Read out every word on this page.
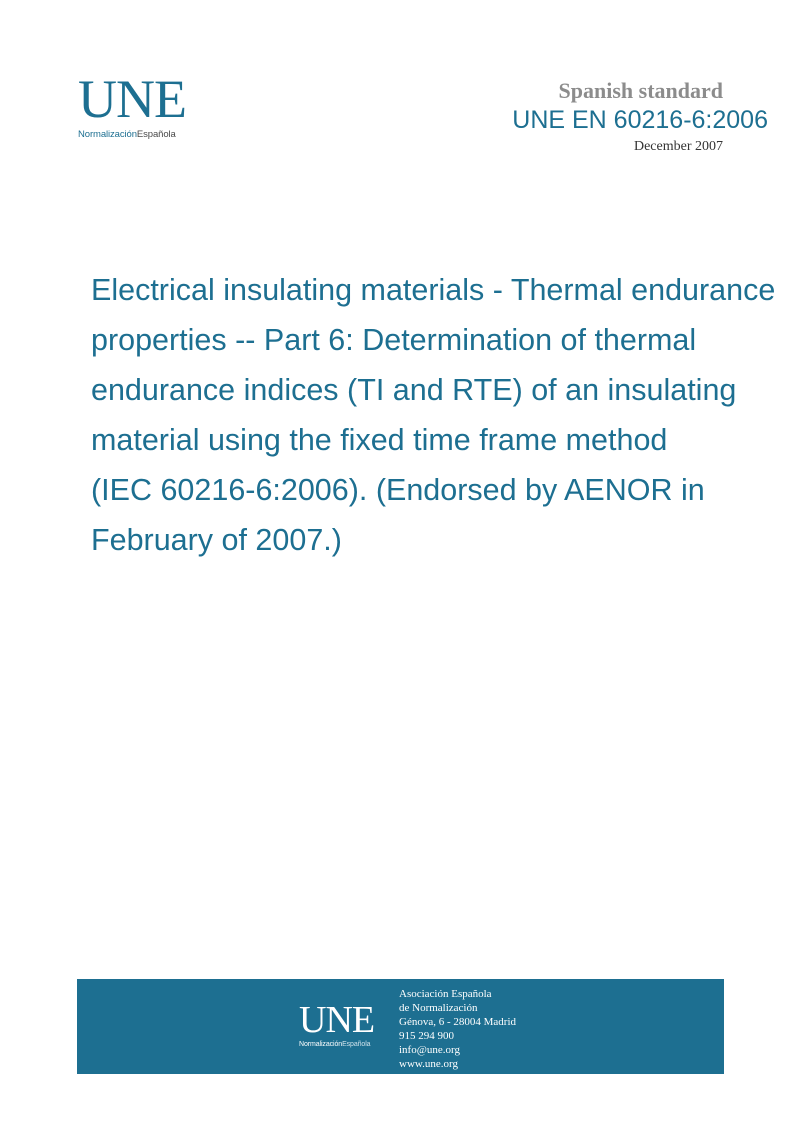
UNE
NormalizaciónEspañola
Spanish standard
UNE EN 60216-6:2006
December 2007
Electrical insulating materials - Thermal endurance
properties -- Part 6: Determination of thermal
endurance indices (TI and RTE) of an insulating
material using the fixed time frame method
(IEC 60216-6:2006). (Endorsed by AENOR in
February of 2007.)
UNE
NormalizaciónEspañola
Asociación Española
de Normalización
Génova, 6 - 28004 Madrid
915 294 900
info@une.org
www.une.org
